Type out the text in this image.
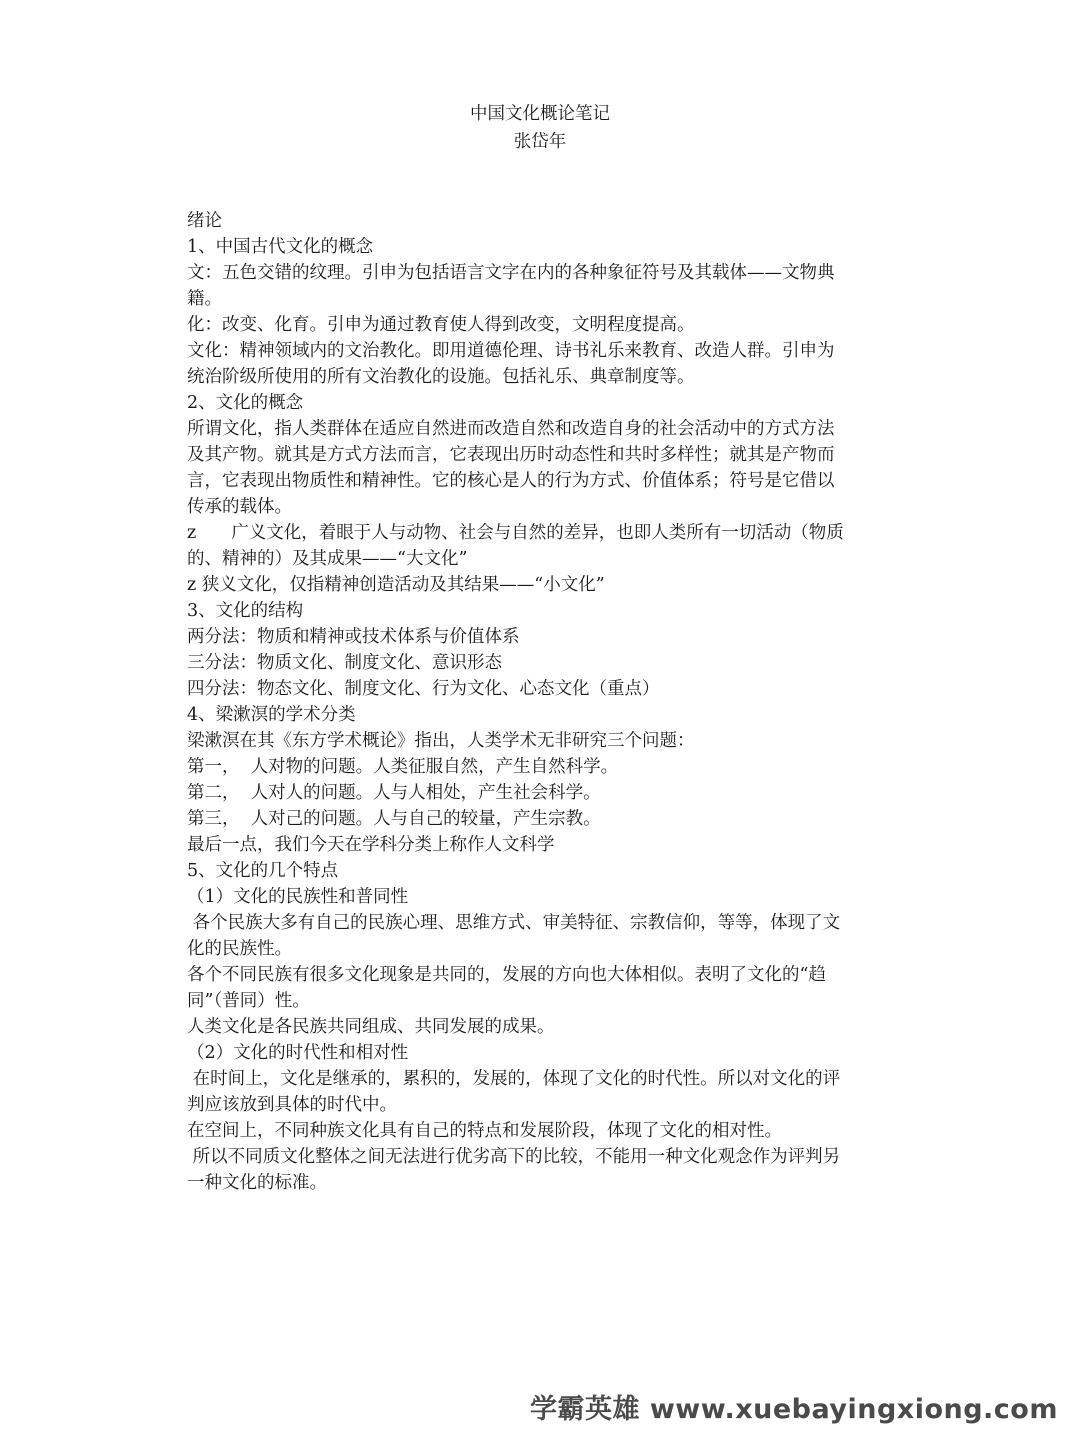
中国文化概论笔记
张岱年

绪论

1、中国古代文化的概念

文：五色交错的纹理。引申为包括语言文字在内的各种象征符号及其载体——文物典

籍。

化：改变、化育。引申为通过教育使人得到改变，文明程度提高。

文化：精神领域内的文治教化。即用道德伦理、诗书礼乐来教育、改造人群。引申为

统治阶级所使用的所有文治教化的设施。包括礼乐、典章制度等。

2、文化的概念

所谓文化，指人类群体在适应自然进而改造自然和改造自身的社会活动中的方式方法

及其产物。就其是方式方法而言，它表现出历时动态性和共时多样性；就其是产物而

言，它表现出物质性和精神性。它的核心是人的行为方式、价值体系；符号是它借以

传承的载体。

z　　广义文化，着眼于人与动物、社会与自然的差异，也即人类所有一切活动（物质

的、精神的）及其成果——“大文化”

z 狭义文化，仅指精神创造活动及其结果——“小文化”

3、文化的结构

两分法：物质和精神或技术体系与价值体系

三分法：物质文化、制度文化、意识形态

四分法：物态文化、制度文化、行为文化、心态文化（重点）

4、梁漱溟的学术分类

梁漱溟在其《东方学术概论》指出，人类学术无非研究三个问题：

第一，  人对物的问题。人类征服自然，产生自然科学。

第二，  人对人的问题。人与人相处，产生社会科学。

第三，  人对己的问题。人与自己的较量，产生宗教。

最后一点，我们今天在学科分类上称作人文科学

5、文化的几个特点

（1）文化的民族性和普同性

各个民族大多有自己的民族心理、思维方式、审美特征、宗教信仰，等等，体现了文

化的民族性。

各个不同民族有很多文化现象是共同的，发展的方向也大体相似。表明了文化的“趋

同”（普同）性。

人类文化是各民族共同组成、共同发展的成果。

（2）文化的时代性和相对性

在时间上，文化是继承的，累积的，发展的，体现了文化的时代性。所以对文化的评

判应该放到具体的时代中。

在空间上，不同种族文化具有自己的特点和发展阶段，体现了文化的相对性。

所以不同质文化整体之间无法进行优劣高下的比较，不能用一种文化观念作为评判另

一种文化的标准。

学霸英雄 www.xuebayingxiong.com
